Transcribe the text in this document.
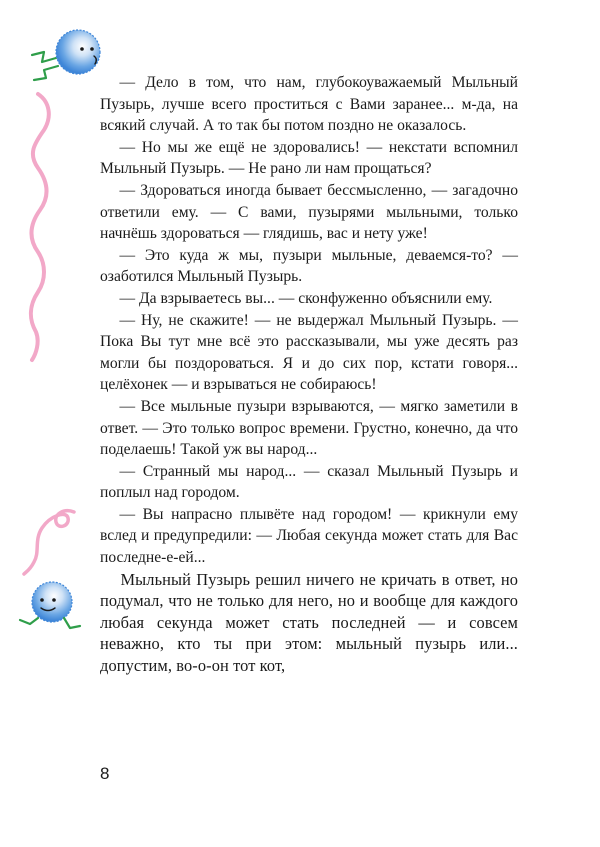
— Дело в том, что нам, глубокоуважаемый Мыльный Пузырь, лучше всего проститься с Вами заранее... м-да, на всякий случай. А то так бы потом поздно не оказалось.

— Но мы же ещё не здоровались! — некстати вспомнил Мыльный Пузырь. — Не рано ли нам прощаться?

— Здороваться иногда бывает бессмысленно, — загадочно ответили ему. — С вами, пузырями мыльными, только начнёшь здороваться — глядишь, вас и нету уже!

— Это куда ж мы, пузыри мыльные, деваемся-то? — озаботился Мыльный Пузырь.

— Да взрываетесь вы... — сконфуженно объяснили ему.

— Ну, не скажите! — не выдержал Мыльный Пузырь. — Пока Вы тут мне всё это рассказывали, мы уже десять раз могли бы поздороваться. Я и до сих пор, кстати говоря... целёхонек — и взрываться не собираюсь!

— Все мыльные пузыри взрываются, — мягко заметили в ответ. — Это только вопрос времени. Грустно, конечно, да что поделаешь! Такой уж вы народ...

— Странный мы народ... — сказал Мыльный Пузырь и поплыл над городом.

— Вы напрасно плывёте над городом! — крикнули ему вслед и предупредили: — Любая секунда может стать для Вас последне-е-ей...

Мыльный Пузырь решил ничего не кричать в ответ, но подумал, что не только для него, но и вообще для каждого любая секунда может стать последней — и совсем неважно, кто ты при этом: мыльный пузырь или... допустим, во-о-он тот кот,

8
